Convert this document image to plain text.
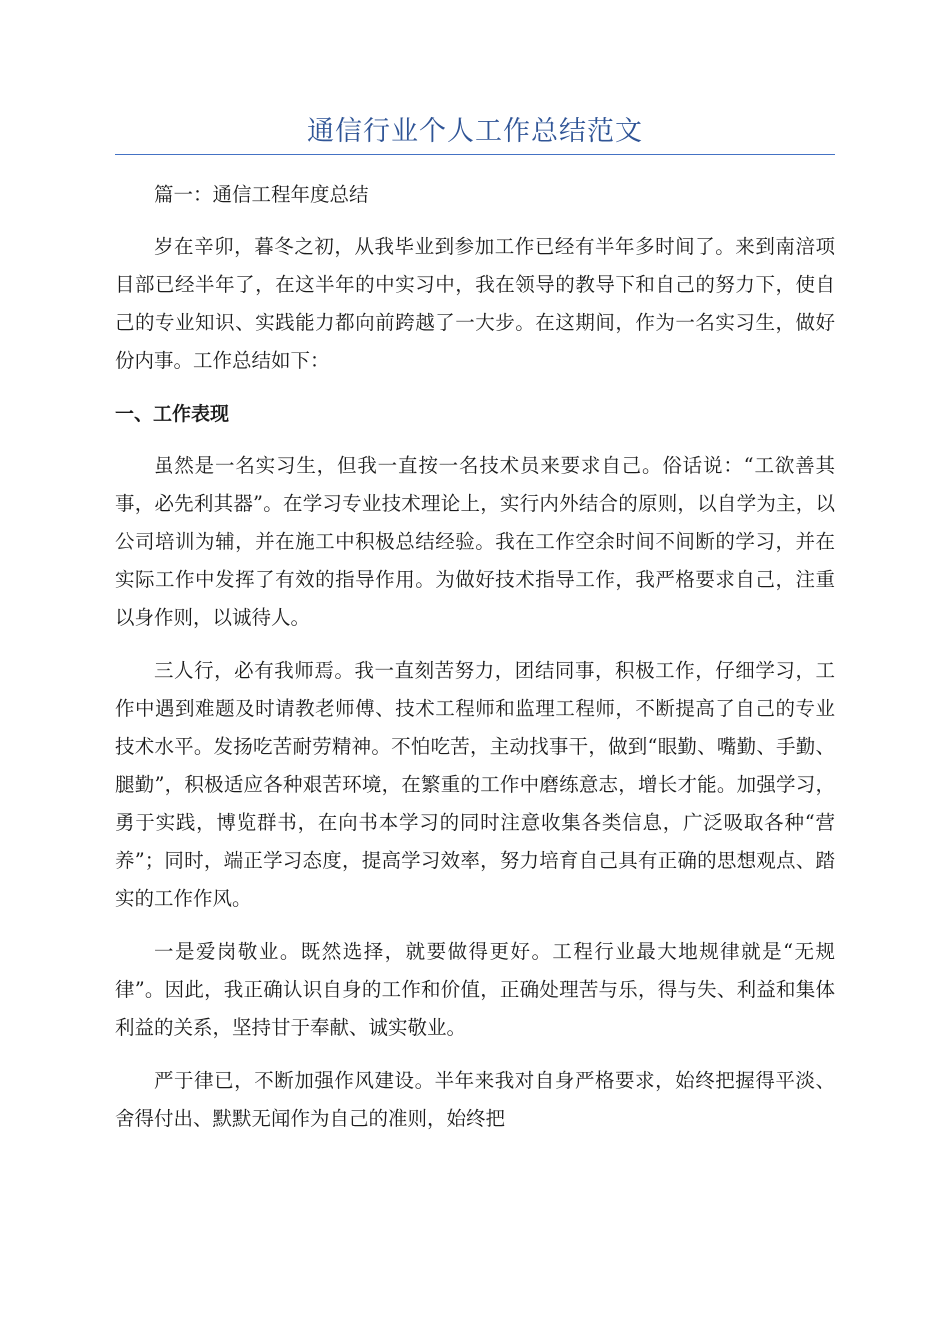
通信行业个人工作总结范文

篇一：通信工程年度总结

岁在辛卯，暮冬之初，从我毕业到参加工作已经有半年多时间了。来到南涪项目部已经半年了，在这半年的中实习中，我在领导的教导下和自己的努力下，使自己的专业知识、实践能力都向前跨越了一大步。在这期间，作为一名实习生，做好份内事。工作总结如下：

一、工作表现

虽然是一名实习生，但我一直按一名技术员来要求自己。俗话说：“工欲善其事，必先利其器”。在学习专业技术理论上，实行内外结合的原则，以自学为主，以公司培训为辅，并在施工中积极总结经验。我在工作空余时间不间断的学习，并在实际工作中发挥了有效的指导作用。为做好技术指导工作，我严格要求自己，注重以身作则，以诚待人。

三人行，必有我师焉。我一直刻苦努力，团结同事，积极工作，仔细学习，工作中遇到难题及时请教老师傅、技术工程师和监理工程师，不断提高了自己的专业技术水平。发扬吃苦耐劳精神。不怕吃苦，主动找事干，做到“眼勤、嘴勤、手勤、腿勤”，积极适应各种艰苦环境，在繁重的工作中磨练意志，增长才能。加强学习，勇于实践，博览群书，在向书本学习的同时注意收集各类信息，广泛吸取各种“营养”；同时，端正学习态度，提高学习效率，努力培育自己具有正确的思想观点、踏实的工作作风。

一是爱岗敬业。既然选择，就要做得更好。工程行业最大地规律就是“无规律”。因此，我正确认识自身的工作和价值，正确处理苦与乐，得与失、利益和集体利益的关系，坚持甘于奉献、诚实敬业。

严于律已，不断加强作风建设。半年来我对自身严格要求，始终把握得平淡、舍得付出、默默无闻作为自己的准则，始终把
